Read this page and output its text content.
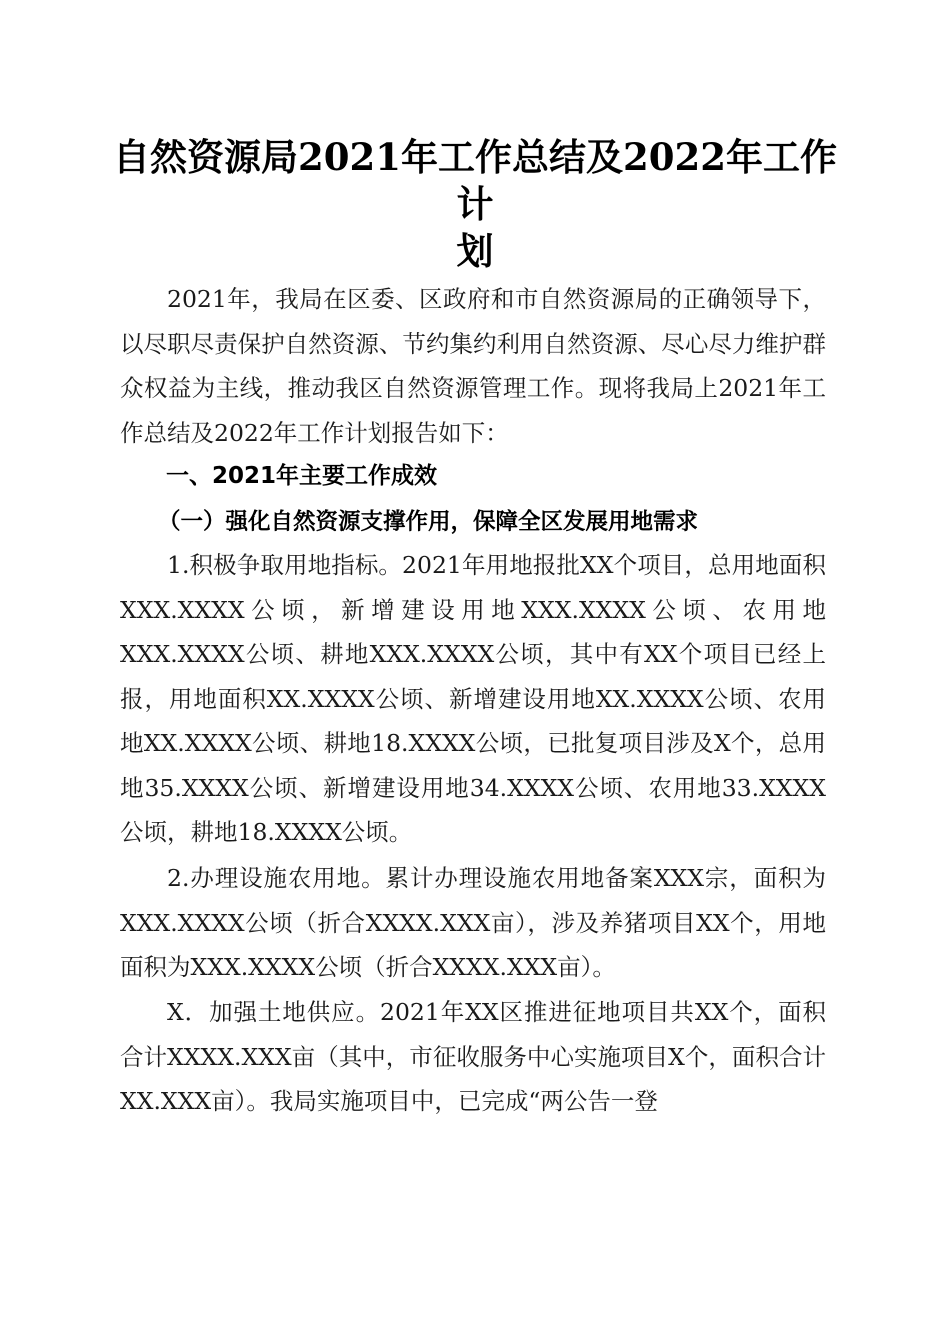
自然资源局2021年工作总结及2022年工作计
划

2021年，我局在区委、区政府和市自然资源局的正确领导下，以尽职尽责保护自然资源、节约集约利用自然资源、尽心尽力维护群众权益为主线，推动我区自然资源管理工作。现将我局上2021年工作总结及2022年工作计划报告如下：

一、2021年主要工作成效

（一）强化自然资源支撑作用，保障全区发展用地需求

1.积极争取用地指标。2021年用地报批XX个项目，总用地面积XXX.XXXX公顷，新增建设用地XXX.XXXX公顷、农用地XXX.XXXX公顷、耕地XXX.XXXX公顷，其中有XX个项目已经上报，用地面积XX.XXXX公顷、新增建设用地XX.XXXX公顷、农用地XX.XXXX公顷、耕地18.XXXX公顷，已批复项目涉及X个，总用地35.XXXX公顷、新增建设用地34.XXXX公顷、农用地33.XXXX公顷，耕地18.XXXX公顷。

2.办理设施农用地。累计办理设施农用地备案XXX宗，面积为XXX.XXXX公顷（折合XXXX.XXX亩），涉及养猪项目XX个，用地面积为XXX.XXXX公顷（折合XXXX.XXX亩）。

X．加强土地供应。2021年XX区推进征地项目共XX个，面积合计XXXX.XXX亩（其中，市征收服务中心实施项目X个，面积合计XX.XXX亩）。我局实施项目中，已完成“两公告一登
